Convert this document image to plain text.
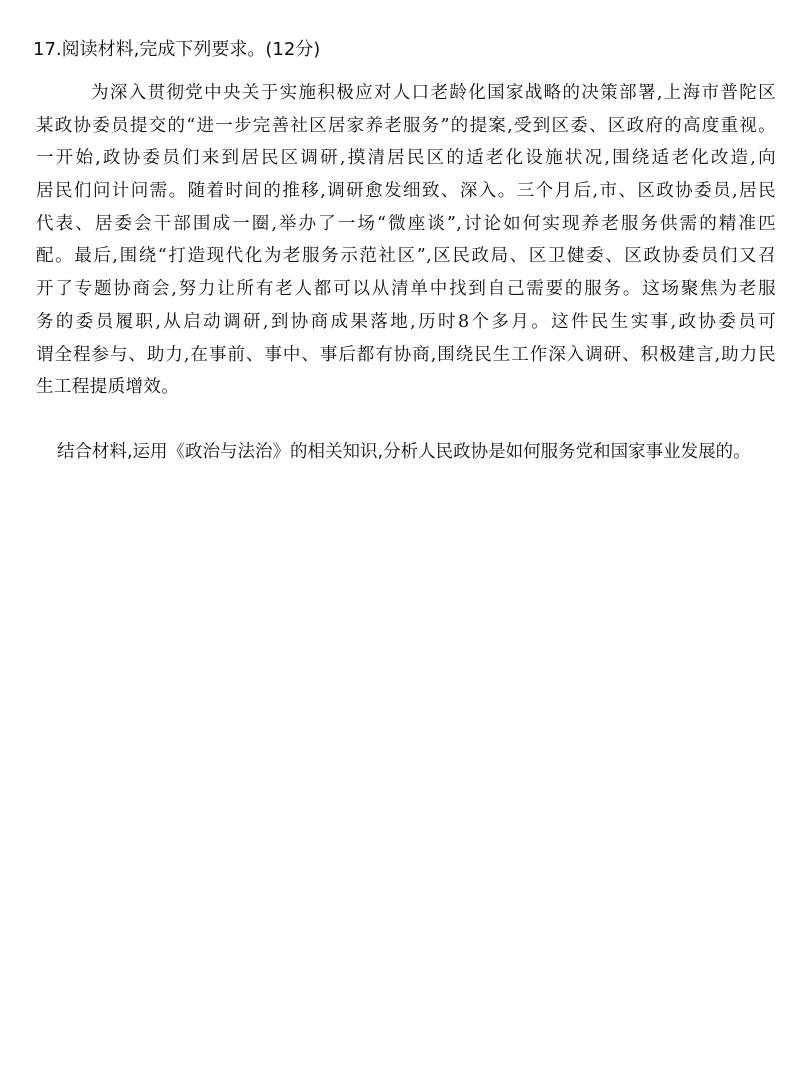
17.阅读材料,完成下列要求。(12分)
为深入贯彻党中央关于实施积极应对人口老龄化国家战略的决策部署,上海市普陀区
某政协委员提交的“进一步完善社区居家养老服务”的提案,受到区委、区政府的高度重视。
一开始,政协委员们来到居民区调研,摸清居民区的适老化设施状况,围绕适老化改造,向
居民们问计问需。随着时间的推移,调研愈发细致、深入。三个月后,市、区政协委员,居民
代表、居委会干部围成一圈,举办了一场“微座谈”,讨论如何实现养老服务供需的精准匹
配。最后,围绕“打造现代化为老服务示范社区”,区民政局、区卫健委、区政协委员们又召
开了专题协商会,努力让所有老人都可以从清单中找到自己需要的服务。这场聚焦为老服
务的委员履职,从启动调研,到协商成果落地,历时8个多月。这件民生实事,政协委员可
谓全程参与、助力,在事前、事中、事后都有协商,围绕民生工作深入调研、积极建言,助力民
生工程提质增效。
结合材料,运用《政治与法治》的相关知识,分析人民政协是如何服务党和国家事业发展的。
